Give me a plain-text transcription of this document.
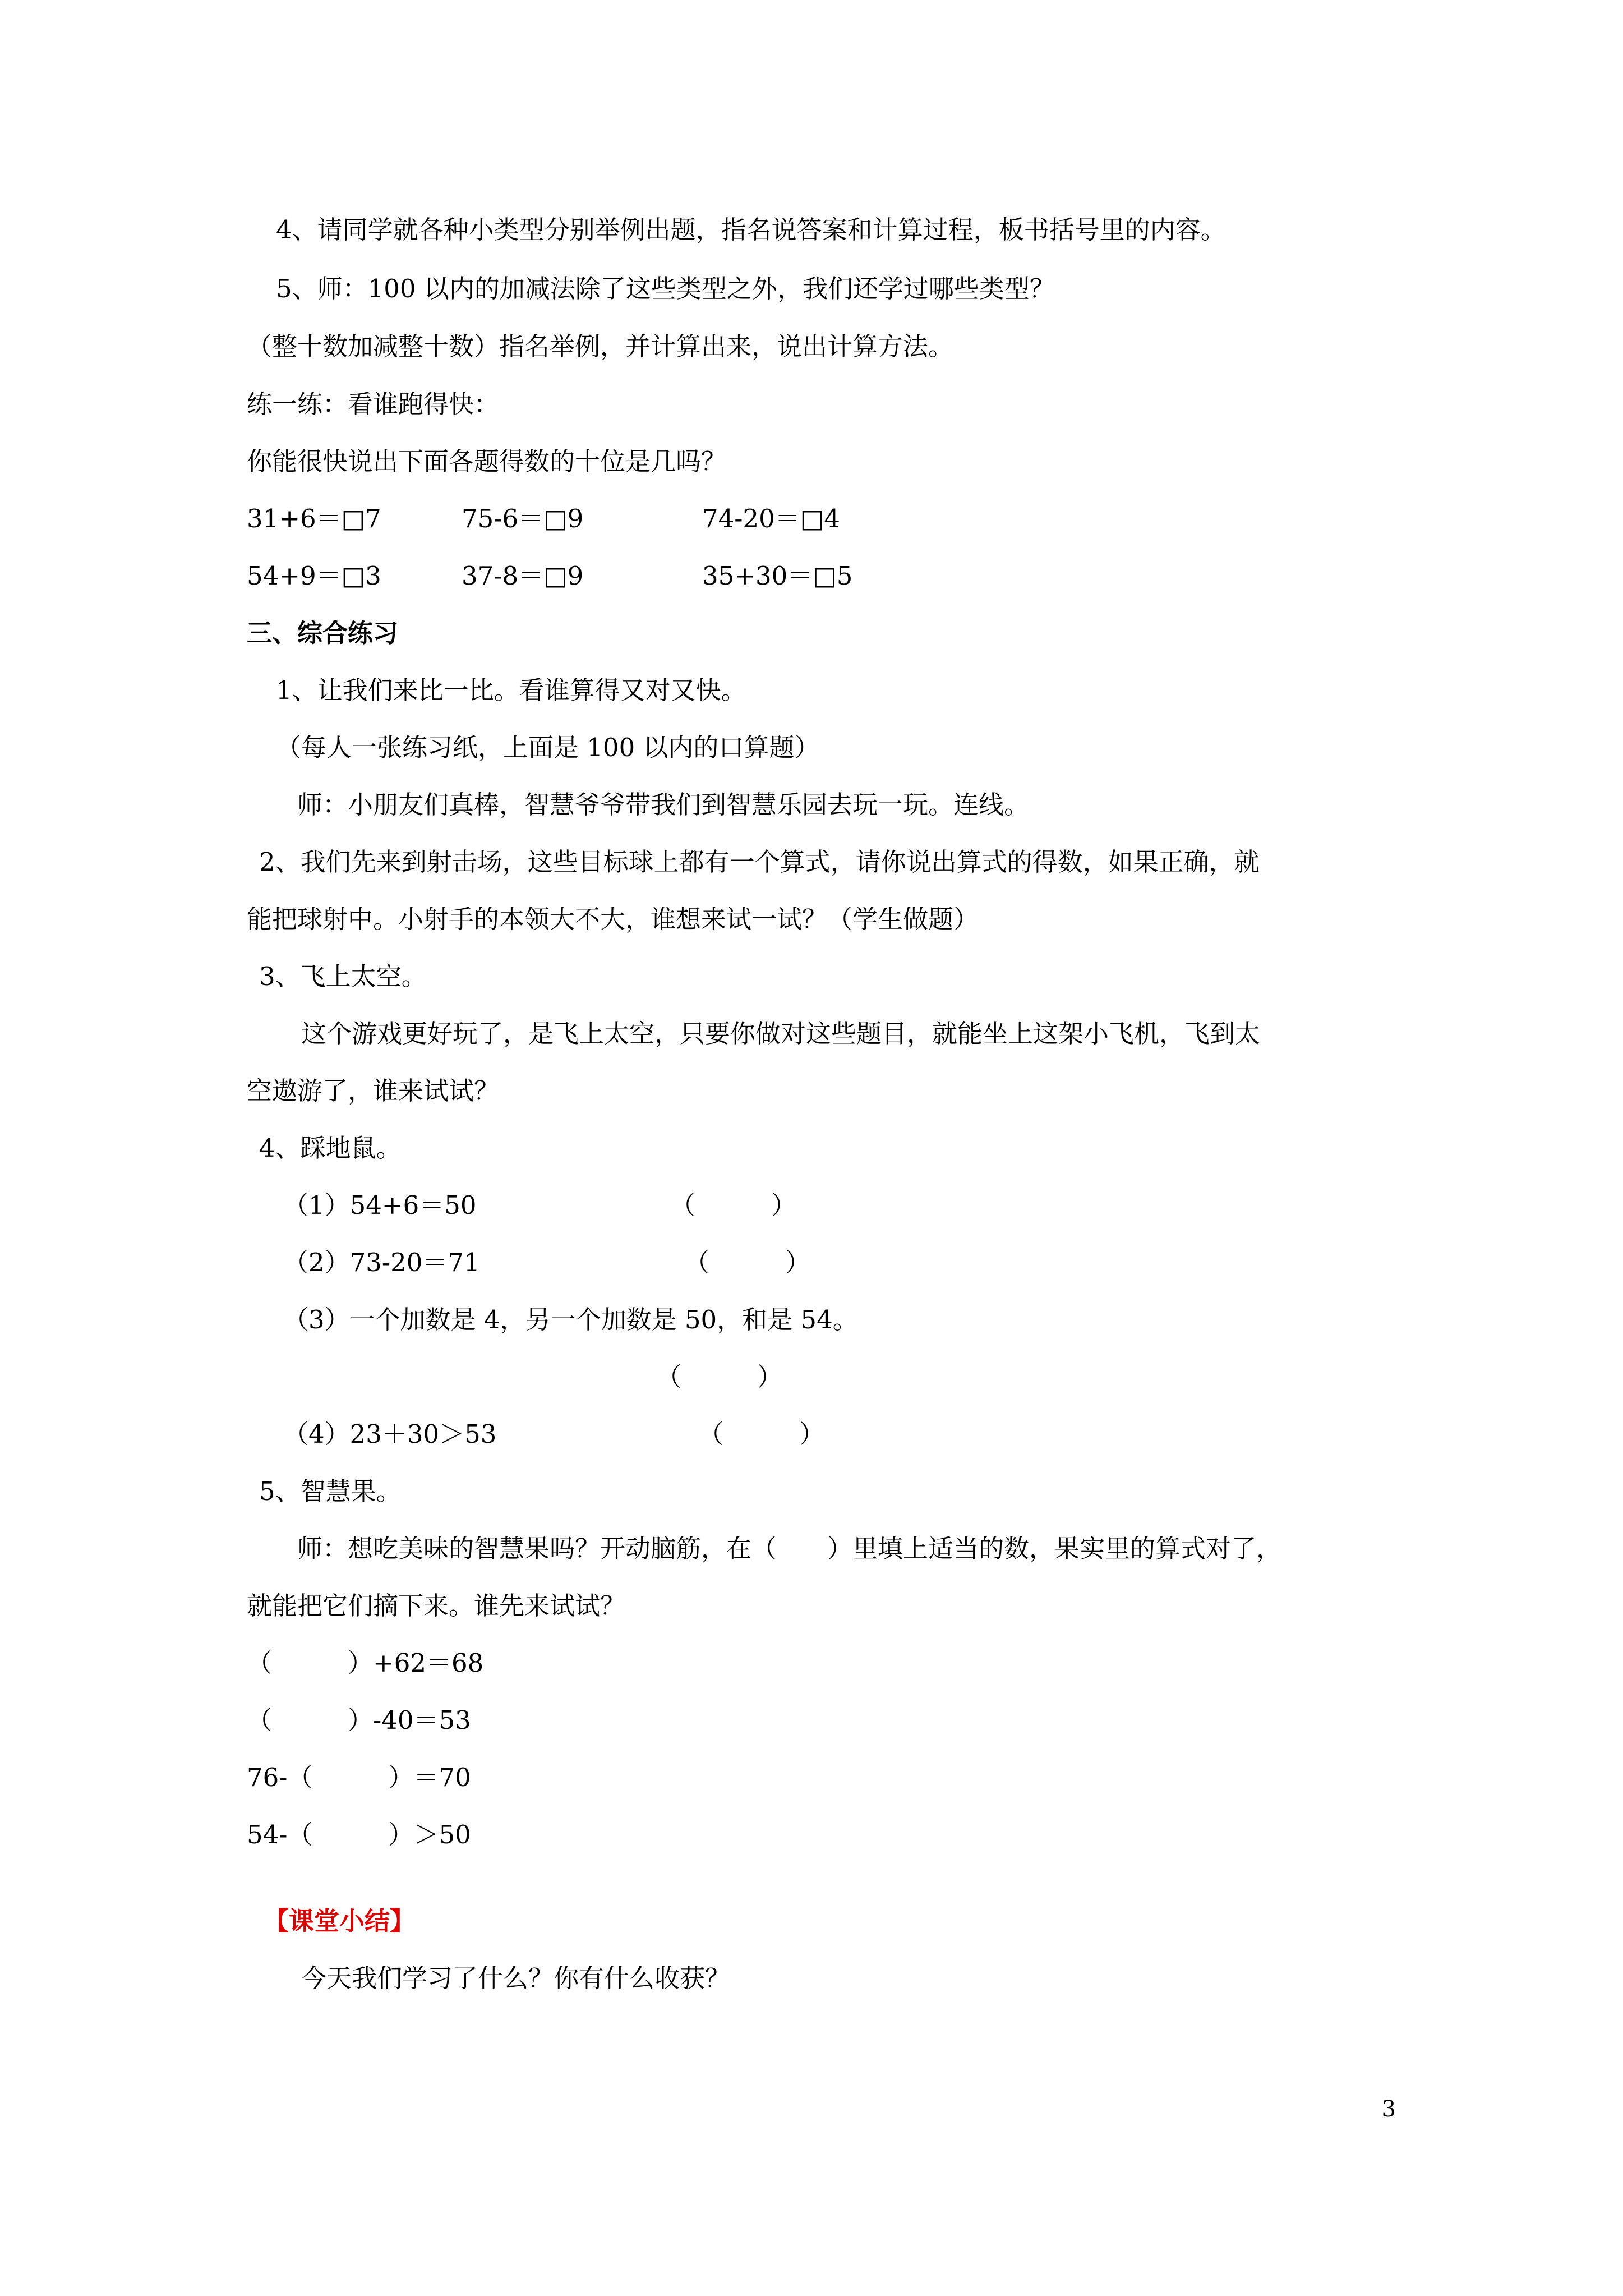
4、请同学就各种小类型分别举例出题，指名说答案和计算过程，板书括号里的内容。
5、师：100 以内的加减法除了这些类型之外，我们还学过哪些类型？
（整十数加减整十数）指名举例，并计算出来，说出计算方法。
练一练：看谁跑得快：
你能很快说出下面各题得数的十位是几吗？
31+6＝□7	75-6＝□9	74-20＝□4
54+9＝□3	37-8＝□9	35+30＝□5
三、综合练习
1、让我们来比一比。看谁算得又对又快。
（每人一张练习纸，上面是 100 以内的口算题）
师：小朋友们真棒，智慧爷爷带我们到智慧乐园去玩一玩。连线。
2、我们先来到射击场，这些目标球上都有一个算式，请你说出算式的得数，如果正确，就
能把球射中。小射手的本领大不大，谁想来试一试？（学生做题）
3、飞上太空。
这个游戏更好玩了，是飞上太空，只要你做对这些题目，就能坐上这架小飞机，飞到太
空遨游了，谁来试试？
4、踩地鼠。
（1）54+6＝50	（　　　）
（2）73-20＝71	（　　　）
（3）一个加数是 4，另一个加数是 50，和是 54。
（　　　）
（4）23＋30＞53	（　　　）
5、智慧果。
师：想吃美味的智慧果吗？开动脑筋，在（　　）里填上适当的数，果实里的算式对了，
就能把它们摘下来。谁先来试试？
（　　　）+62＝68
（　　　）-40＝53
76-（　　　）＝70
54-（　　　）＞50
【课堂小结】
今天我们学习了什么？你有什么收获？
3
